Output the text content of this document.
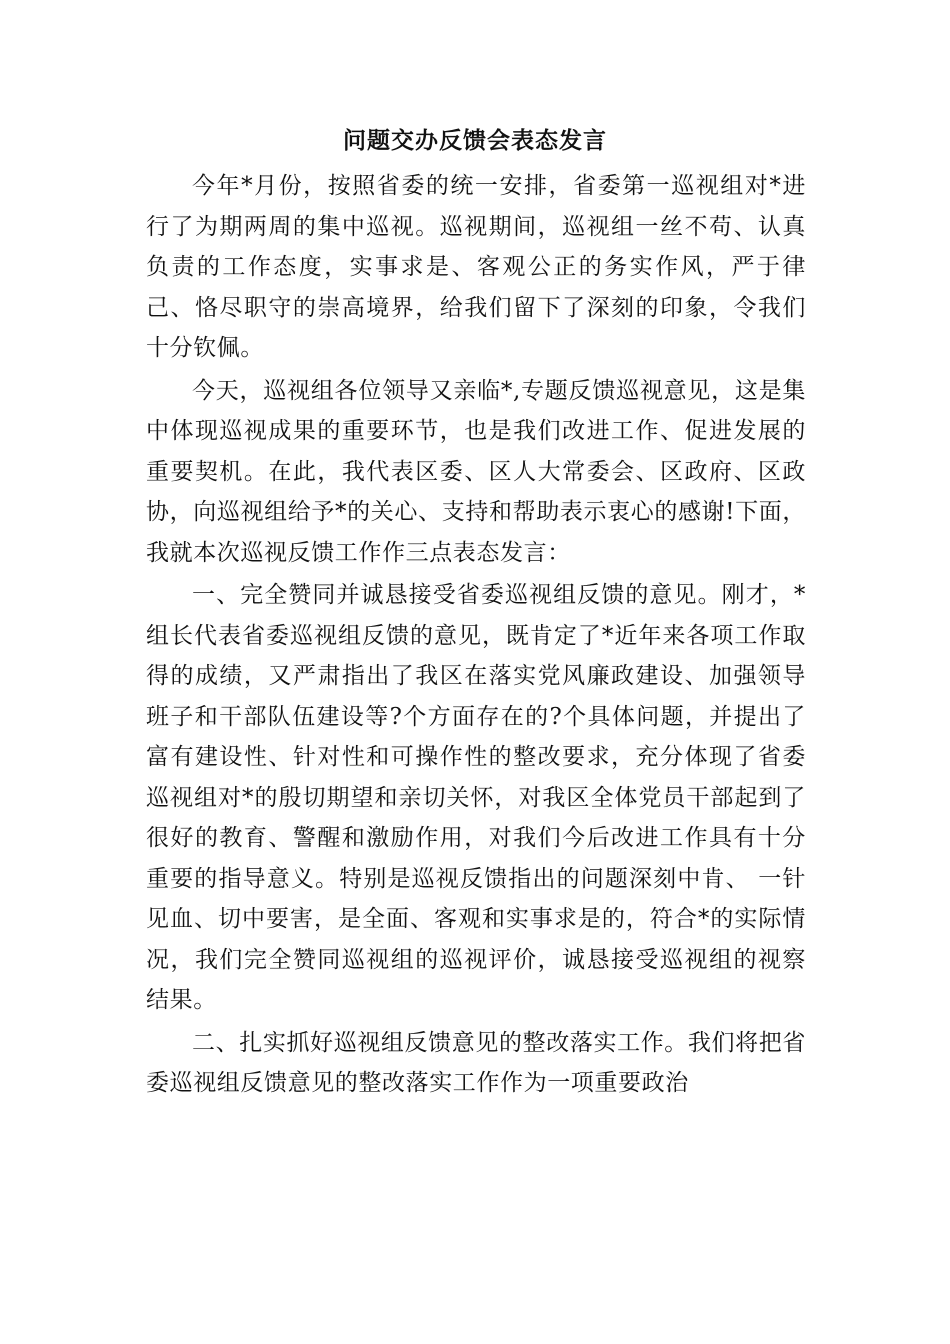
问题交办反馈会表态发言

今年*月份，按照省委的统一安排，省委第一巡视组对*进行了为期两周的集中巡视。巡视期间，巡视组一丝不苟、认真负责的工作态度，实事求是、客观公正的务实作风，严于律己、恪尽职守的崇高境界，给我们留下了深刻的印象，令我们十分钦佩。

今天，巡视组各位领导又亲临*,专题反馈巡视意见，这是集中体现巡视成果的重要环节，也是我们改进工作、促进发展的重要契机。在此，我代表区委、区人大常委会、区政府、区政协，向巡视组给予*的关心、支持和帮助表示衷心的感谢!下面，我就本次巡视反馈工作作三点表态发言：

一、完全赞同并诚恳接受省委巡视组反馈的意见。刚才，*组长代表省委巡视组反馈的意见，既肯定了*近年来各项工作取得的成绩，又严肃指出了我区在落实党风廉政建设、加强领导班子和干部队伍建设等?个方面存在的?个具体问题，并提出了富有建设性、针对性和可操作性的整改要求，充分体现了省委巡视组对*的殷切期望和亲切关怀，对我区全体党员干部起到了很好的教育、警醒和激励作用，对我们今后改进工作具有十分重要的指导意义。特别是巡视反馈指出的问题深刻中肯、 一针见血、切中要害，是全面、客观和实事求是的，符合*的实际情况，我们完全赞同巡视组的巡视评价，诚恳接受巡视组的视察结果。

二、扎实抓好巡视组反馈意见的整改落实工作。我们将把省委巡视组反馈意见的整改落实工作作为一项重要政治
